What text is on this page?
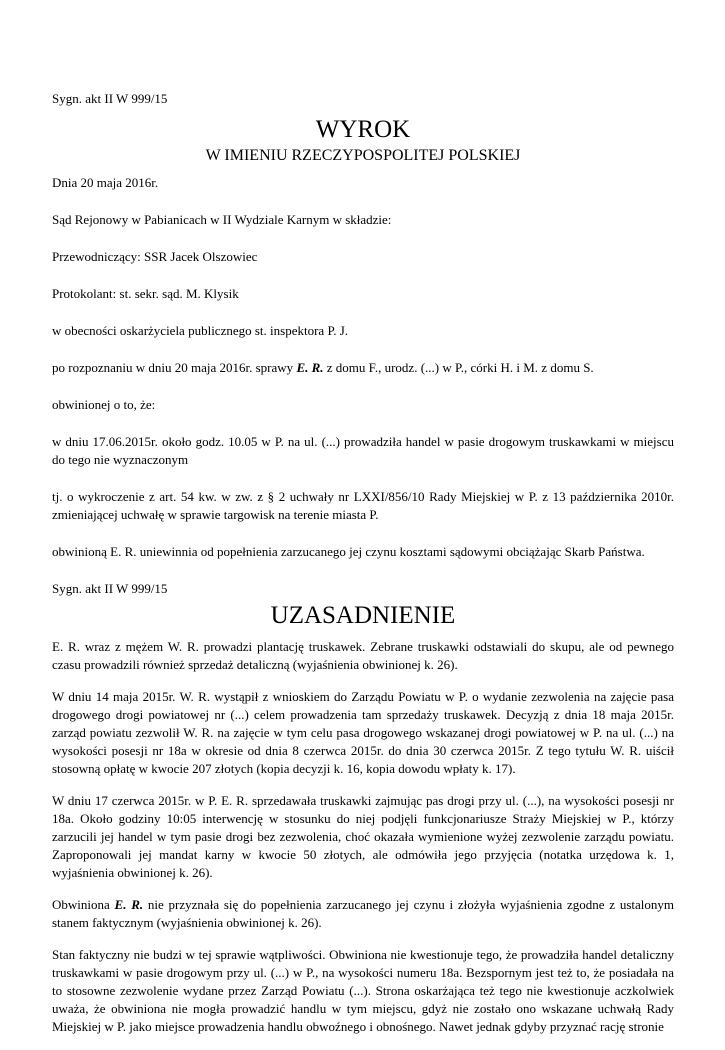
Sygn. akt II W 999/15

WYROK
W IMIENIU RZECZYPOSPOLITEJ POLSKIEJ

Dnia 20 maja 2016r.

Sąd Rejonowy w Pabianicach w II Wydziale Karnym w składzie:

Przewodniczący: SSR Jacek Olszowiec

Protokolant: st. sekr. sąd. M. Klysik

w obecności oskarżyciela publicznego st. inspektora P. J.

po rozpoznaniu w dniu 20 maja 2016r. sprawy E. R. z domu F., urodz. (...) w P., córki H. i M. z domu S.

obwinionej o to, że:

w dniu 17.06.2015r. około godz. 10.05 w P. na ul. (...) prowadziła handel w pasie drogowym truskawkami w miejscu do tego nie wyznaczonym

tj. o wykroczenie z art. 54 kw. w zw. z § 2 uchwały nr LXXI/856/10 Rady Miejskiej w P. z 13 października 2010r. zmieniającej uchwałę w sprawie targowisk na terenie miasta P.

obwinioną E. R. uniewinnia od popełnienia zarzucanego jej czynu kosztami sądowymi obciążając Skarb Państwa.

Sygn. akt II W 999/15

UZASADNIENIE

E. R. wraz z mężem W. R. prowadzi plantację truskawek. Zebrane truskawki odstawiali do skupu, ale od pewnego czasu prowadzili również sprzedaż detaliczną (wyjaśnienia obwinionej k. 26).

W dniu 14 maja 2015r. W. R. wystąpił z wnioskiem do Zarządu Powiatu w P. o wydanie zezwolenia na zajęcie pasa drogowego drogi powiatowej nr (...) celem prowadzenia tam sprzedaży truskawek. Decyzją z dnia 18 maja 2015r. zarząd powiatu zezwolił W. R. na zajęcie w tym celu pasa drogowego wskazanej drogi powiatowej w P. na ul. (...) na wysokości posesji nr 18a w okresie od dnia 8 czerwca 2015r. do dnia 30 czerwca 2015r. Z tego tytułu W. R. uiścił stosowną opłatę w kwocie 207 złotych (kopia decyzji k. 16, kopia dowodu wpłaty k. 17).

W dniu 17 czerwca 2015r. w P. E. R. sprzedawała truskawki zajmując pas drogi przy ul. (...), na wysokości posesji nr 18a. Około godziny 10:05 interwencję w stosunku do niej podjęli funkcjonariusze Straży Miejskiej w P., którzy zarzucili jej handel w tym pasie drogi bez zezwolenia, choć okazała wymienione wyżej zezwolenie zarządu powiatu. Zaproponowali jej mandat karny w kwocie 50 złotych, ale odmówiła jego przyjęcia (notatka urzędowa k. 1, wyjaśnienia obwinionej k. 26).

Obwiniona E. R. nie przyznała się do popełnienia zarzucanego jej czynu i złożyła wyjaśnienia zgodne z ustalonym stanem faktycznym (wyjaśnienia obwinionej k. 26).

Stan faktyczny nie budzi w tej sprawie wątpliwości. Obwiniona nie kwestionuje tego, że prowadziła handel detaliczny truskawkami w pasie drogowym przy ul. (...) w P., na wysokości numeru 18a. Bezspornym jest też to, że posiadała na to stosowne zezwolenie wydane przez Zarząd Powiatu (...). Strona oskarżająca też tego nie kwestionuje aczkolwiek uważa, że obwiniona nie mogła prowadzić handlu w tym miejscu, gdyż nie zostało ono wskazane uchwałą Rady Miejskiej w P. jako miejsce prowadzenia handlu obwoźnego i obnośnego. Nawet jednak gdyby przyznać rację stronie
